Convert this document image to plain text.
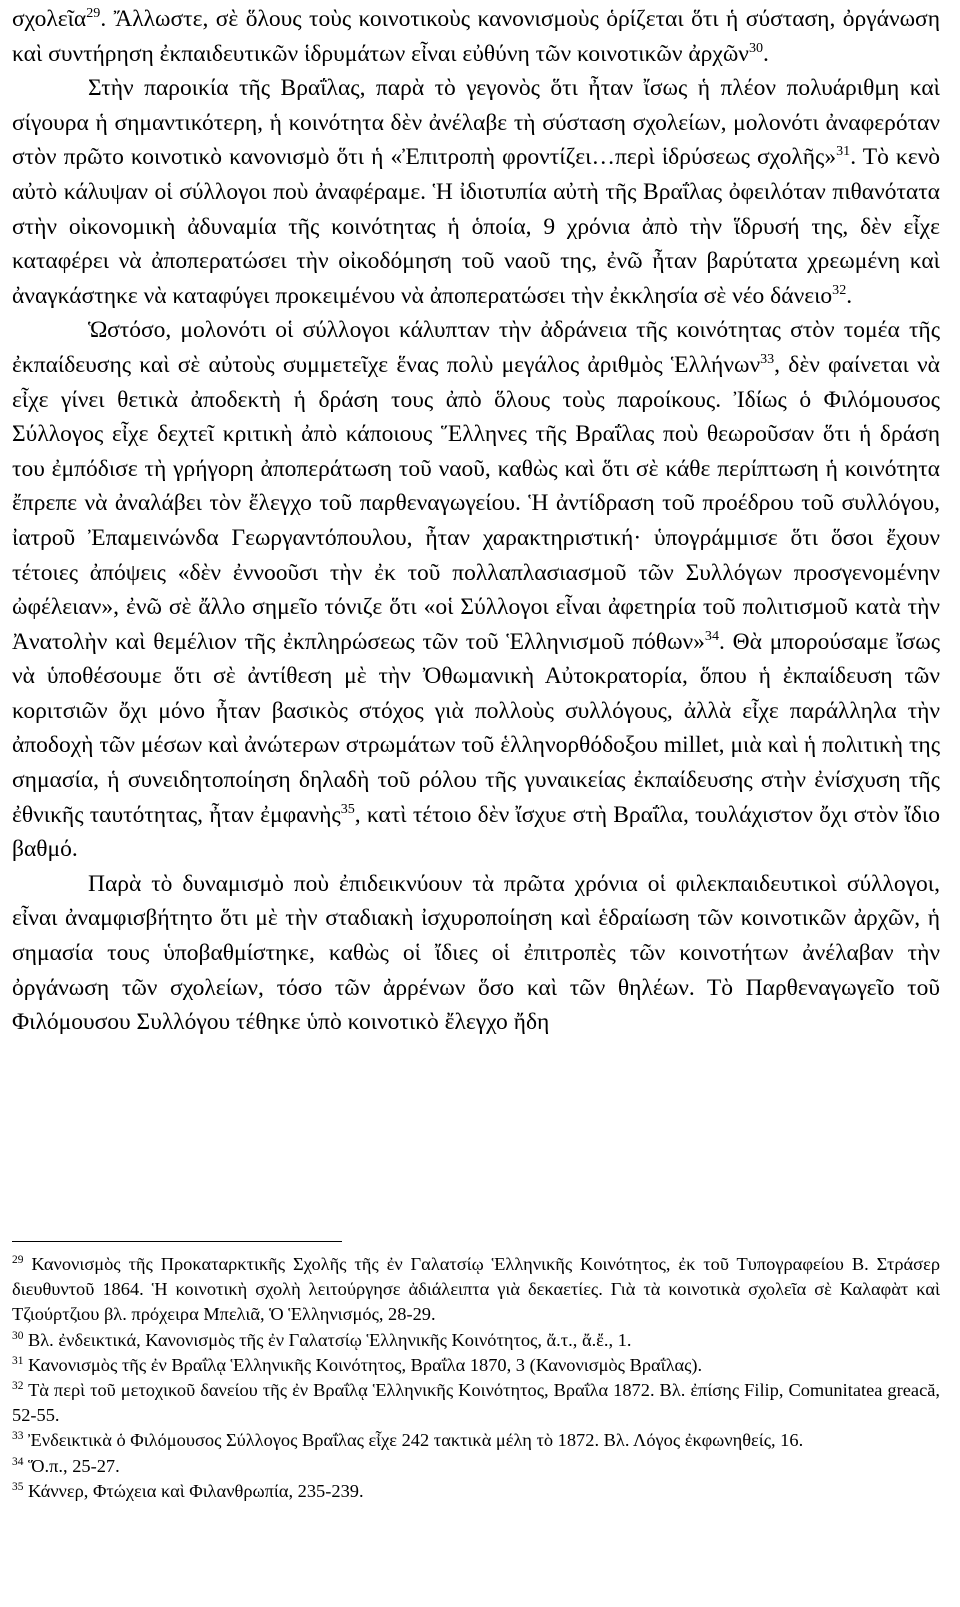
σχολεῖα$^{29}$. Ἄλλωστε, σὲ ὅλους τοὺς κοινοτικοὺς κανονισμοὺς ὁρίζεται ὅτι ἡ σύσταση, ὀργάνωση καὶ συντήρηση ἐκπαιδευτικῶν ἱδρυμάτων εἶναι εὐθύνη τῶν κοινοτικῶν ἀρχῶν$^{30}$.

Στὴν παροικία τῆς Βραΐλας, παρὰ τὸ γεγονὸς ὅτι ἦταν ἴσως ἡ πλέον πολυάριθμη καὶ σίγουρα ἡ σημαντικότερη, ἡ κοινότητα δὲν ἀνέλαβε τὴ σύσταση σχολείων, μολονότι ἀναφερόταν στὸν πρῶτο κοινοτικὸ κανονισμὸ ὅτι ἡ «Ἐπιτροπὴ φροντίζει…περὶ ἱδρύσεως σχολῆς»$^{31}$. Τὸ κενὸ αὐτὸ κάλυψαν οἱ σύλλογοι ποὺ ἀναφέραμε. Ἡ ἰδιοτυπία αὐτὴ τῆς Βραΐλας ὀφειλόταν πιθανότατα στὴν οἰκονομικὴ ἀδυναμία τῆς κοινότητας ἡ ὁποία, 9 χρόνια ἀπὸ τὴν ἵδρυσή της, δὲν εἶχε καταφέρει νὰ ἀποπερατώσει τὴν οἰκοδόμηση τοῦ ναοῦ της, ἐνῶ ἦταν βαρύτατα χρεωμένη καὶ ἀναγκάστηκε νὰ καταφύγει προκειμένου νὰ ἀποπερατώσει τὴν ἐκκλησία σὲ νέο δάνειο$^{32}$.

Ὡστόσο, μολονότι οἱ σύλλογοι κάλυπταν τὴν ἀδράνεια τῆς κοινότητας στὸν τομέα τῆς ἐκπαίδευσης καὶ σὲ αὐτοὺς συμμετεῖχε ἕνας πολὺ μεγάλος ἀριθμὸς Ἑλλήνων$^{33}$, δὲν φαίνεται νὰ εἶχε γίνει θετικὰ ἀποδεκτὴ ἡ δράση τους ἀπὸ ὅλους τοὺς παροίκους. Ἰδίως ὁ Φιλόμουσος Σύλλογος εἶχε δεχτεῖ κριτικὴ ἀπὸ κάποιους Ἕλληνες τῆς Βραΐλας ποὺ θεωροῦσαν ὅτι ἡ δράση του ἐμπόδισε τὴ γρήγορη ἀποπεράτωση τοῦ ναοῦ, καθὼς καὶ ὅτι σὲ κάθε περίπτωση ἡ κοινότητα ἔπρεπε νὰ ἀναλάβει τὸν ἔλεγχο τοῦ παρθεναγωγείου. Ἡ ἀντίδραση τοῦ προέδρου τοῦ συλλόγου, ἰατροῦ Ἐπαμεινώνδα Γεωργαντόπουλου, ἦταν χαρακτηριστική· ὑπογράμμισε ὅτι ὅσοι ἔχουν τέτοιες ἀπόψεις «δὲν ἐννοοῦσι τὴν ἐκ τοῦ πολλαπλασιασμοῦ τῶν Συλλόγων προσγενομένην ὠφέλειαν», ἐνῶ σὲ ἄλλο σημεῖο τόνιζε ὅτι «οἱ Σύλλογοι εἶναι ἀφετηρία τοῦ πολιτισμοῦ κατὰ τὴν Ἀνατολὴν καὶ θεμέλιον τῆς ἐκπληρώσεως τῶν τοῦ Ἑλληνισμοῦ πόθων»$^{34}$. Θὰ μπορούσαμε ἴσως νὰ ὑποθέσουμε ὅτι σὲ ἀντίθεση μὲ τὴν Ὀθωμανικὴ Αὐτοκρατορία, ὅπου ἡ ἐκπαίδευση τῶν κοριτσιῶν ὄχι μόνο ἦταν βασικὸς στόχος γιὰ πολλοὺς συλλόγους, ἀλλὰ εἶχε παράλληλα τὴν ἀποδοχὴ τῶν μέσων καὶ ἀνώτερων στρωμάτων τοῦ ἑλληνορθόδοξου millet, μιὰ καὶ ἡ πολιτικὴ της σημασία, ἡ συνειδητοποίηση δηλαδὴ τοῦ ρόλου τῆς γυναικείας ἐκπαίδευσης στὴν ἐνίσχυση τῆς ἐθνικῆς ταυτότητας, ἦταν ἐμφανὴς$^{35}$, κατὶ τέτοιο δὲν ἴσχυε στὴ Βραΐλα, τουλάχιστον ὄχι στὸν ἴδιο βαθμό.

Παρὰ τὸ δυναμισμὸ ποὺ ἐπιδεικνύουν τὰ πρῶτα χρόνια οἱ φιλεκπαιδευτικοὶ σύλλογοι, εἶναι ἀναμφισβήτητο ὅτι μὲ τὴν σταδιακὴ ἰσχυροποίηση καὶ ἑδραίωση τῶν κοινοτικῶν ἀρχῶν, ἡ σημασία τους ὑποβαθμίστηκε, καθὼς οἱ ἴδιες οἱ ἐπιτροπὲς τῶν κοινοτήτων ἀνέλαβαν τὴν ὀργάνωση τῶν σχολείων, τόσο τῶν ἀρρένων ὅσο καὶ τῶν θηλέων. Τὸ Παρθεναγωγεῖο τοῦ Φιλόμουσου Συλλόγου τέθηκε ὑπὸ κοινοτικὸ ἔλεγχο ἤδη

$^{29}$ Κανονισμὸς τῆς Προκαταρκτικῆς Σχολῆς τῆς ἐν Γαλατσίῳ Ἑλληνικῆς Κοινότητος, ἐκ τοῦ Τυπογραφείου Β. Στράσερ διευθυντοῦ 1864. Ἡ κοινοτικὴ σχολὴ λειτούργησε ἀδιάλειπτα γιὰ δεκαετίες. Γιὰ τὰ κοινοτικὰ σχολεῖα σὲ Καλαφὰτ καὶ Τζιούρτζιου βλ. πρόχειρα Μπελιᾶ, Ὁ Ἑλληνισμός, 28-29.

$^{30}$ Βλ. ἐνδεικτικά, Κανονισμὸς τῆς ἐν Γαλατσίῳ Ἑλληνικῆς Κοινότητος, ἄ.τ., ἄ.ἔ., 1.

$^{31}$ Κανονισμὸς τῆς ἐν Βραΐλᾳ Ἑλληνικῆς Κοινότητος, Βραΐλα 1870, 3 (Κανονισμὸς Βραΐλας).

$^{32}$ Τὰ περὶ τοῦ μετοχικοῦ δανείου τῆς ἐν Βραΐλᾳ Ἑλληνικῆς Κοινότητος, Βραΐλα 1872. Βλ. ἐπίσης Filip, Comunitatea greacă, 52-55.

$^{33}$ Ἐνδεικτικὰ ὁ Φιλόμουσος Σύλλογος Βραΐλας εἶχε 242 τακτικὰ μέλη τὸ 1872. Βλ. Λόγος ἐκφωνηθείς, 16.

$^{34}$ Ὅ.π., 25-27.

$^{35}$ Κάννερ, Φτώχεια καὶ Φιλανθρωπία, 235-239.
